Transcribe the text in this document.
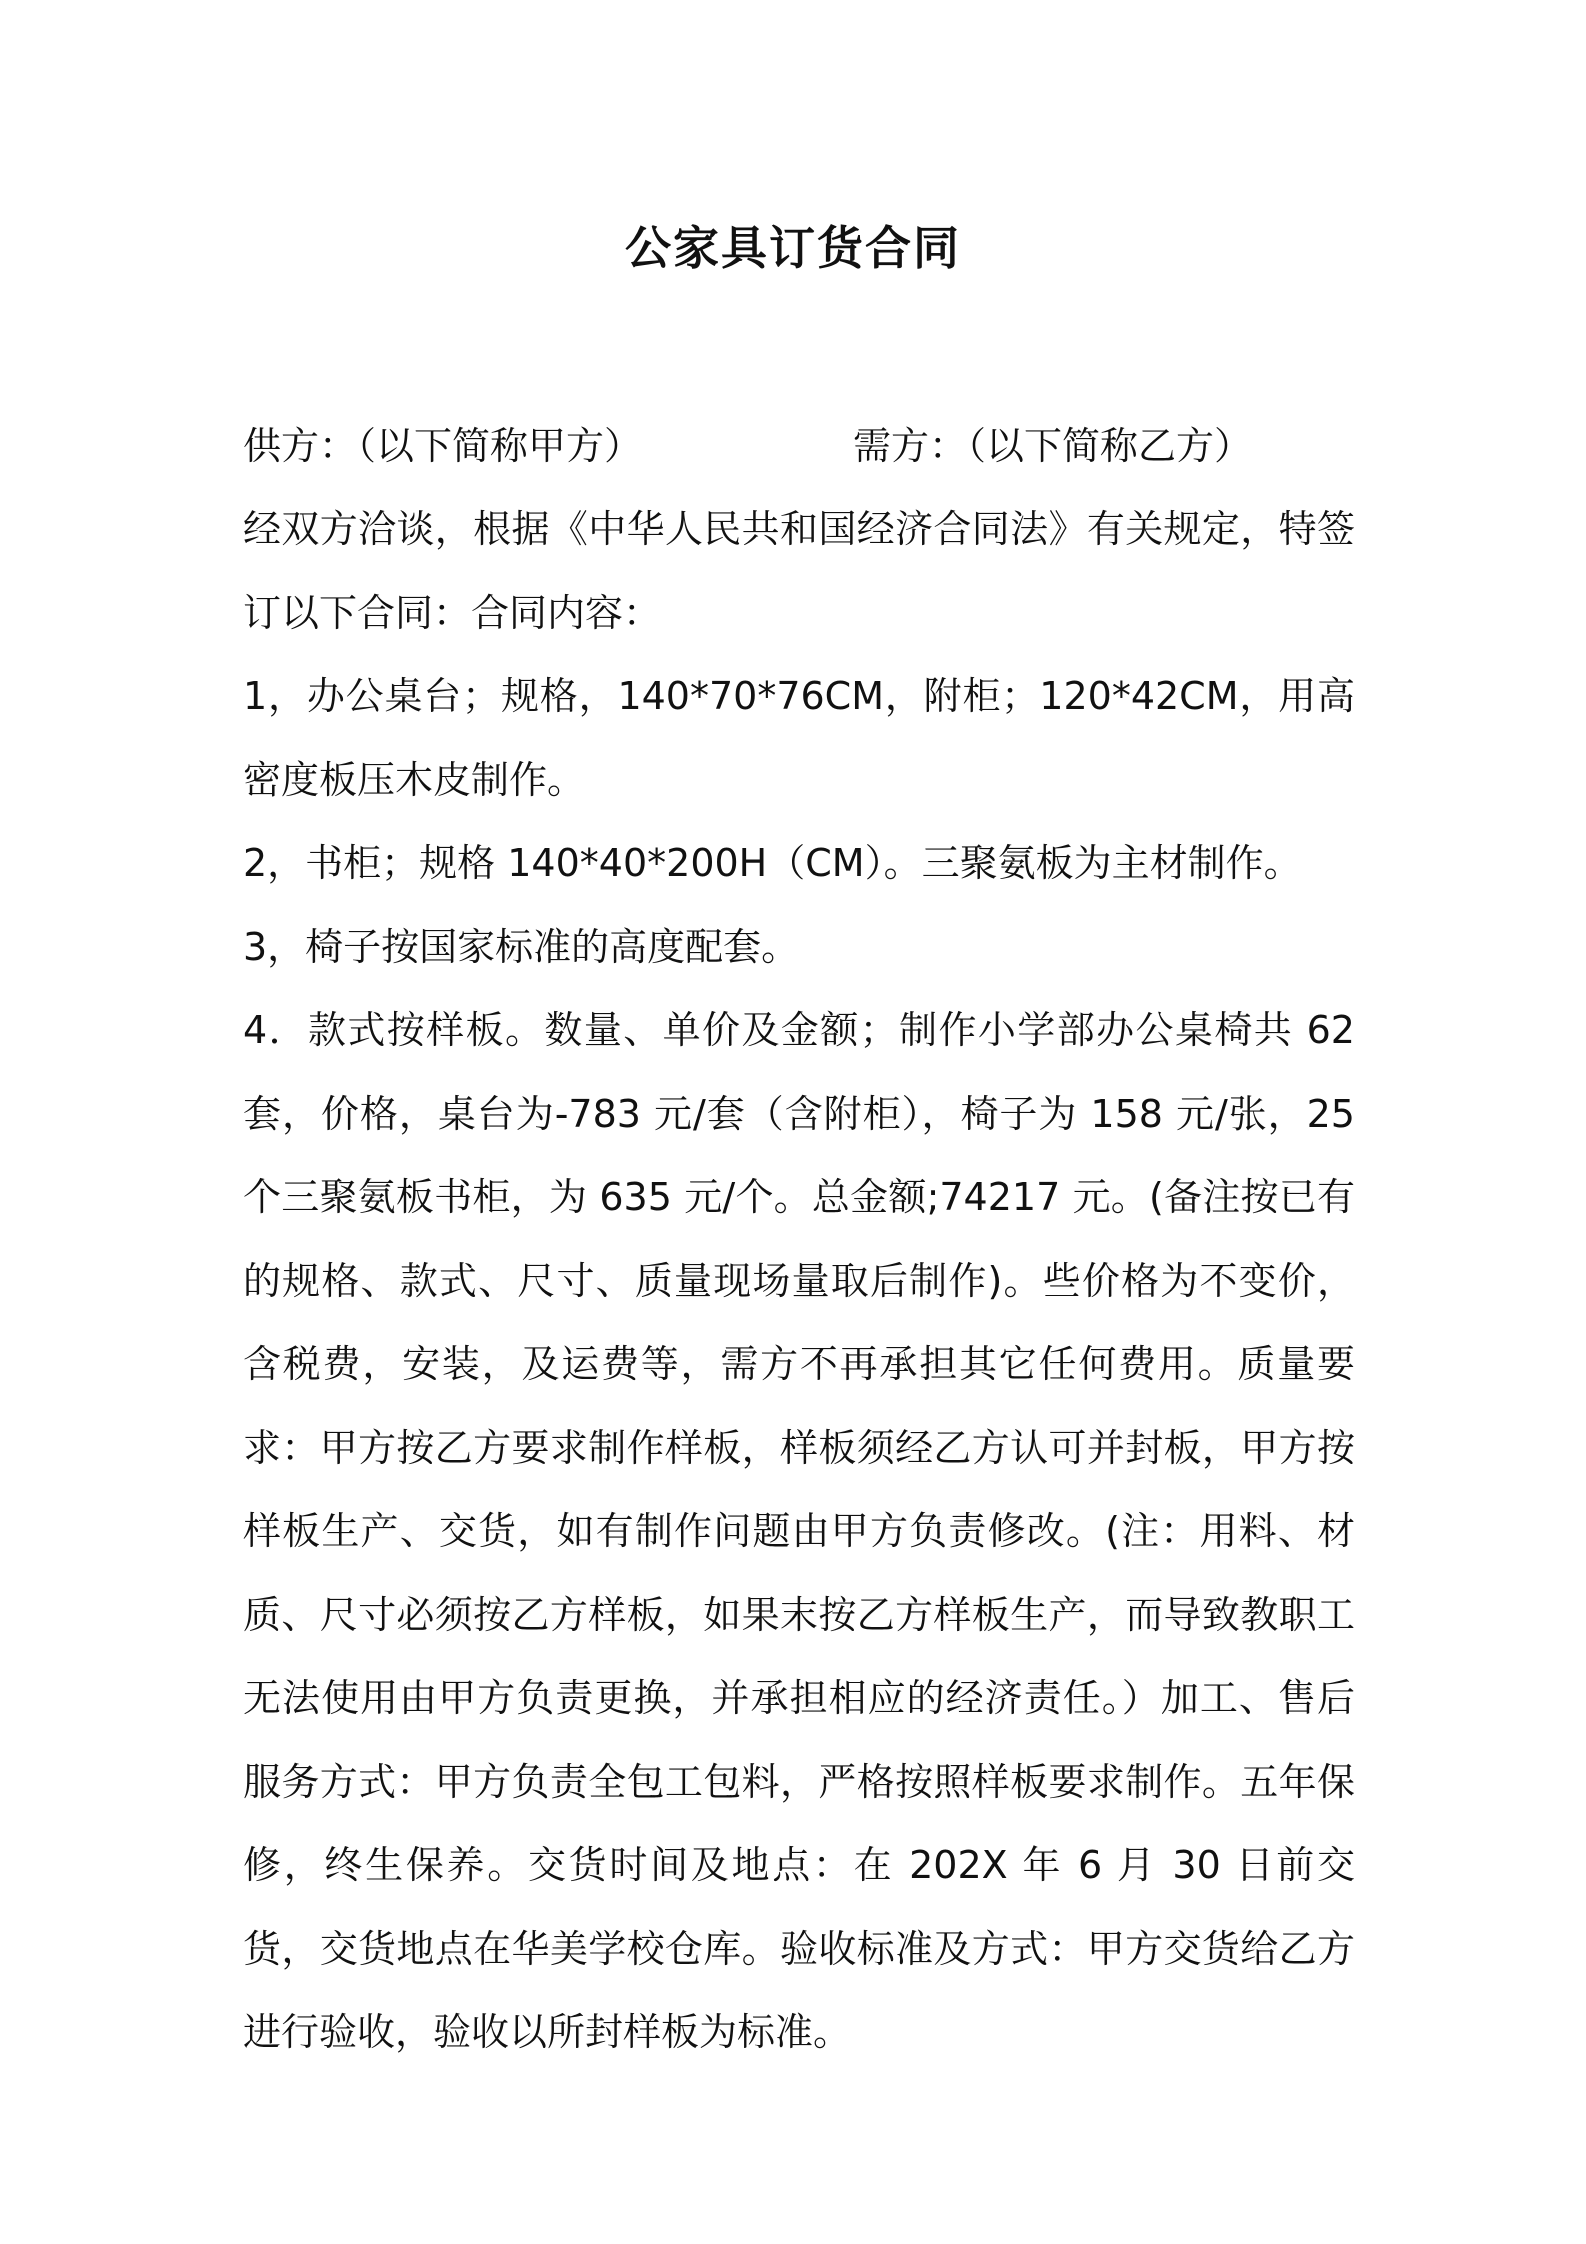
公家具订货合同
供方：（以下简称甲方）	需方：（以下简称乙方）

经双方洽谈，根据《中华人民共和国经济合同法》有关规定，特签订以下合同：合同内容：

1，办公桌台；规格，140*70*76CM，附柜；120*42CM，用高密度板压木皮制作。

2，书柜；规格 140*40*200H（CM）。三聚氨板为主材制作。

3，椅子按国家标准的高度配套。

4．款式按样板。数量、单价及金额；制作小学部办公桌椅共 62 套，价格，桌台为-783 元/套（含附柜），椅子为 158 元/张，25 个三聚氨板书柜，为 635 元/个。总金额;74217 元。(备注按已有的规格、款式、尺寸、质量现场量取后制作)。些价格为不变价，含税费，安装，及运费等，需方不再承担其它任何费用。质量要求：甲方按乙方要求制作样板，样板须经乙方认可并封板，甲方按样板生产、交货，如有制作问题由甲方负责修改。(注：用料、材质、尺寸必须按乙方样板，如果末按乙方样板生产，而导致教职工无法使用由甲方负责更换，并承担相应的经济责任。）加工、售后服务方式：甲方负责全包工包料，严格按照样板要求制作。五年保修，终生保养。交货时间及地点：在 202X 年 6 月 30 日前交货，交货地点在华美学校仓库。验收标准及方式：甲方交货给乙方进行验收，验收以所封样板为标准。
